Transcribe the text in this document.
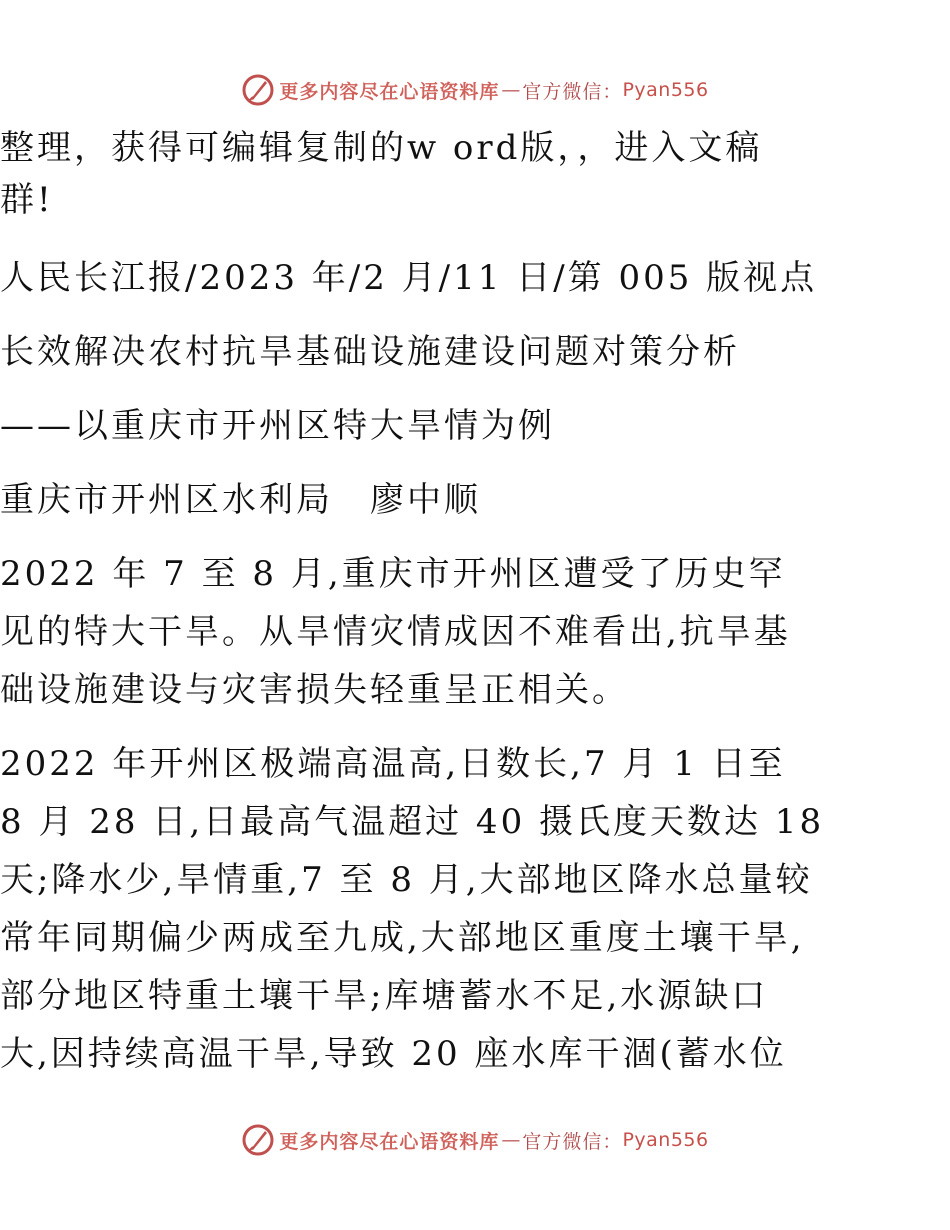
更多内容尽在心语资料库 — 官方微信： Pyan556
整理，获得可编辑复制的w ord版，，进入文稿
群!
人民长江报/2023 年/2 月/11 日/第 005 版视点
长效解决农村抗旱基础设施建设问题对策分析
——以重庆市开州区特大旱情为例
重庆市开州区水利局　廖中顺
2022 年 7 至 8 月,重庆市开州区遭受了历史罕
见的特大干旱。从旱情灾情成因不难看出,抗旱基
础设施建设与灾害损失轻重呈正相关。
2022 年开州区极端高温高,日数长,7 月 1 日至
8 月 28 日,日最高气温超过 40 摄氏度天数达 18
天;降水少,旱情重,7 至 8 月,大部地区降水总量较
常年同期偏少两成至九成,大部地区重度土壤干旱,
部分地区特重土壤干旱;库塘蓄水不足,水源缺口
大,因持续高温干旱,导致 20 座水库干涸(蓄水位
更多内容尽在心语资料库 — 官方微信： Pyan556
